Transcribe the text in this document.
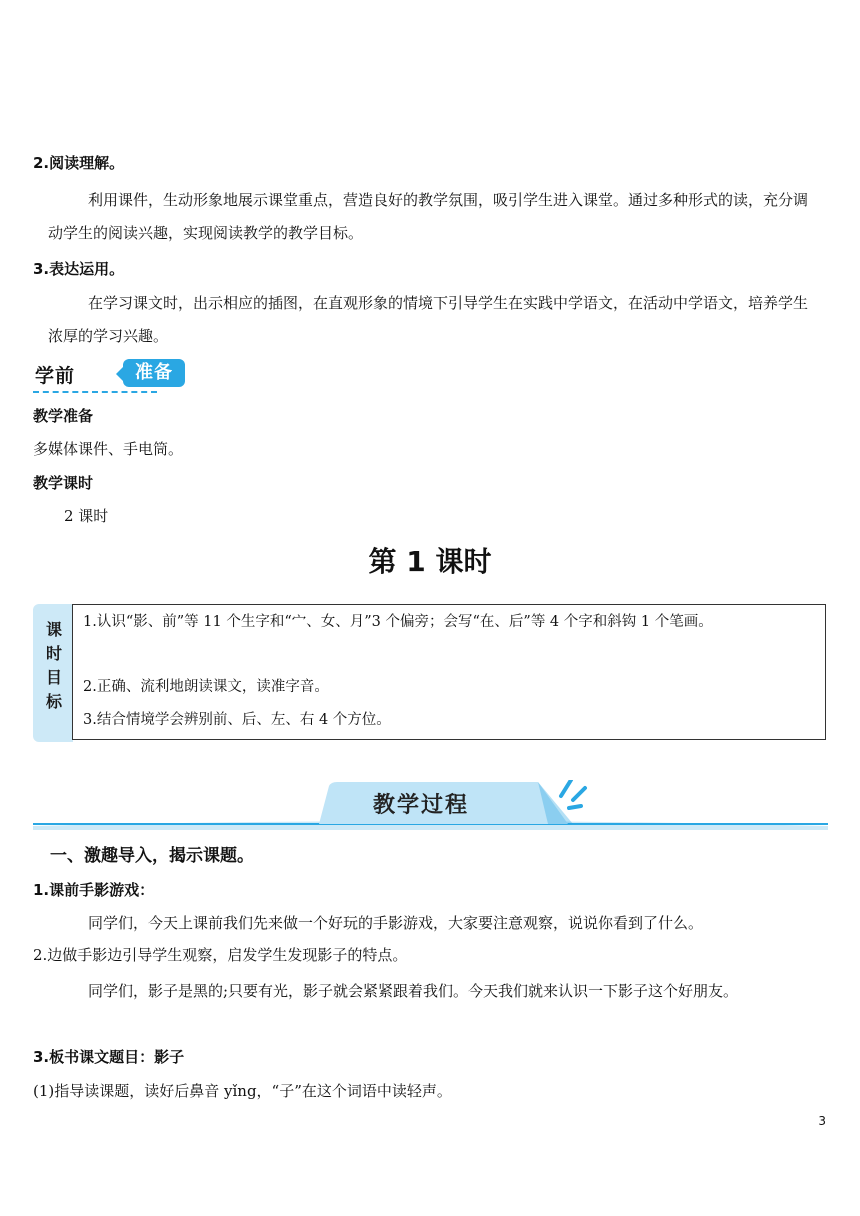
2.阅读理解。
利用课件，生动形象地展示课堂重点，营造良好的教学氛围，吸引学生进入课堂。通过多种形式的读，充分调动学生的阅读兴趣，实现阅读教学的教学目标。
3.表达运用。
在学习课文时，出示相应的插图，在直观形象的情境下引导学生在实践中学语文，在活动中学语文，培养学生浓厚的学习兴趣。
学前	准备
教学准备
多媒体课件、手电筒。
教学课时
2 课时
第 1 课时
课
时
目
标
1.认识“影、前”等 11 个生字和“宀、女、月”3 个偏旁；会写“在、后”等 4 个字和斜钩 1 个笔画。
2.正确、流利地朗读课文，读准字音。
3.结合情境学会辨别前、后、左、右 4 个方位。
教学过程
一、激趣导入，揭示课题。
1.课前手影游戏：
同学们，今天上课前我们先来做一个好玩的手影游戏，大家要注意观察，说说你看到了什么。
2.边做手影边引导学生观察，启发学生发现影子的特点。
同学们，影子是黑的;只要有光，影子就会紧紧跟着我们。今天我们就来认识一下影子这个好朋友。
3.板书课文题目：影子
(1)指导读课题，读好后鼻音 yǐng，“子”在这个词语中读轻声。
3
